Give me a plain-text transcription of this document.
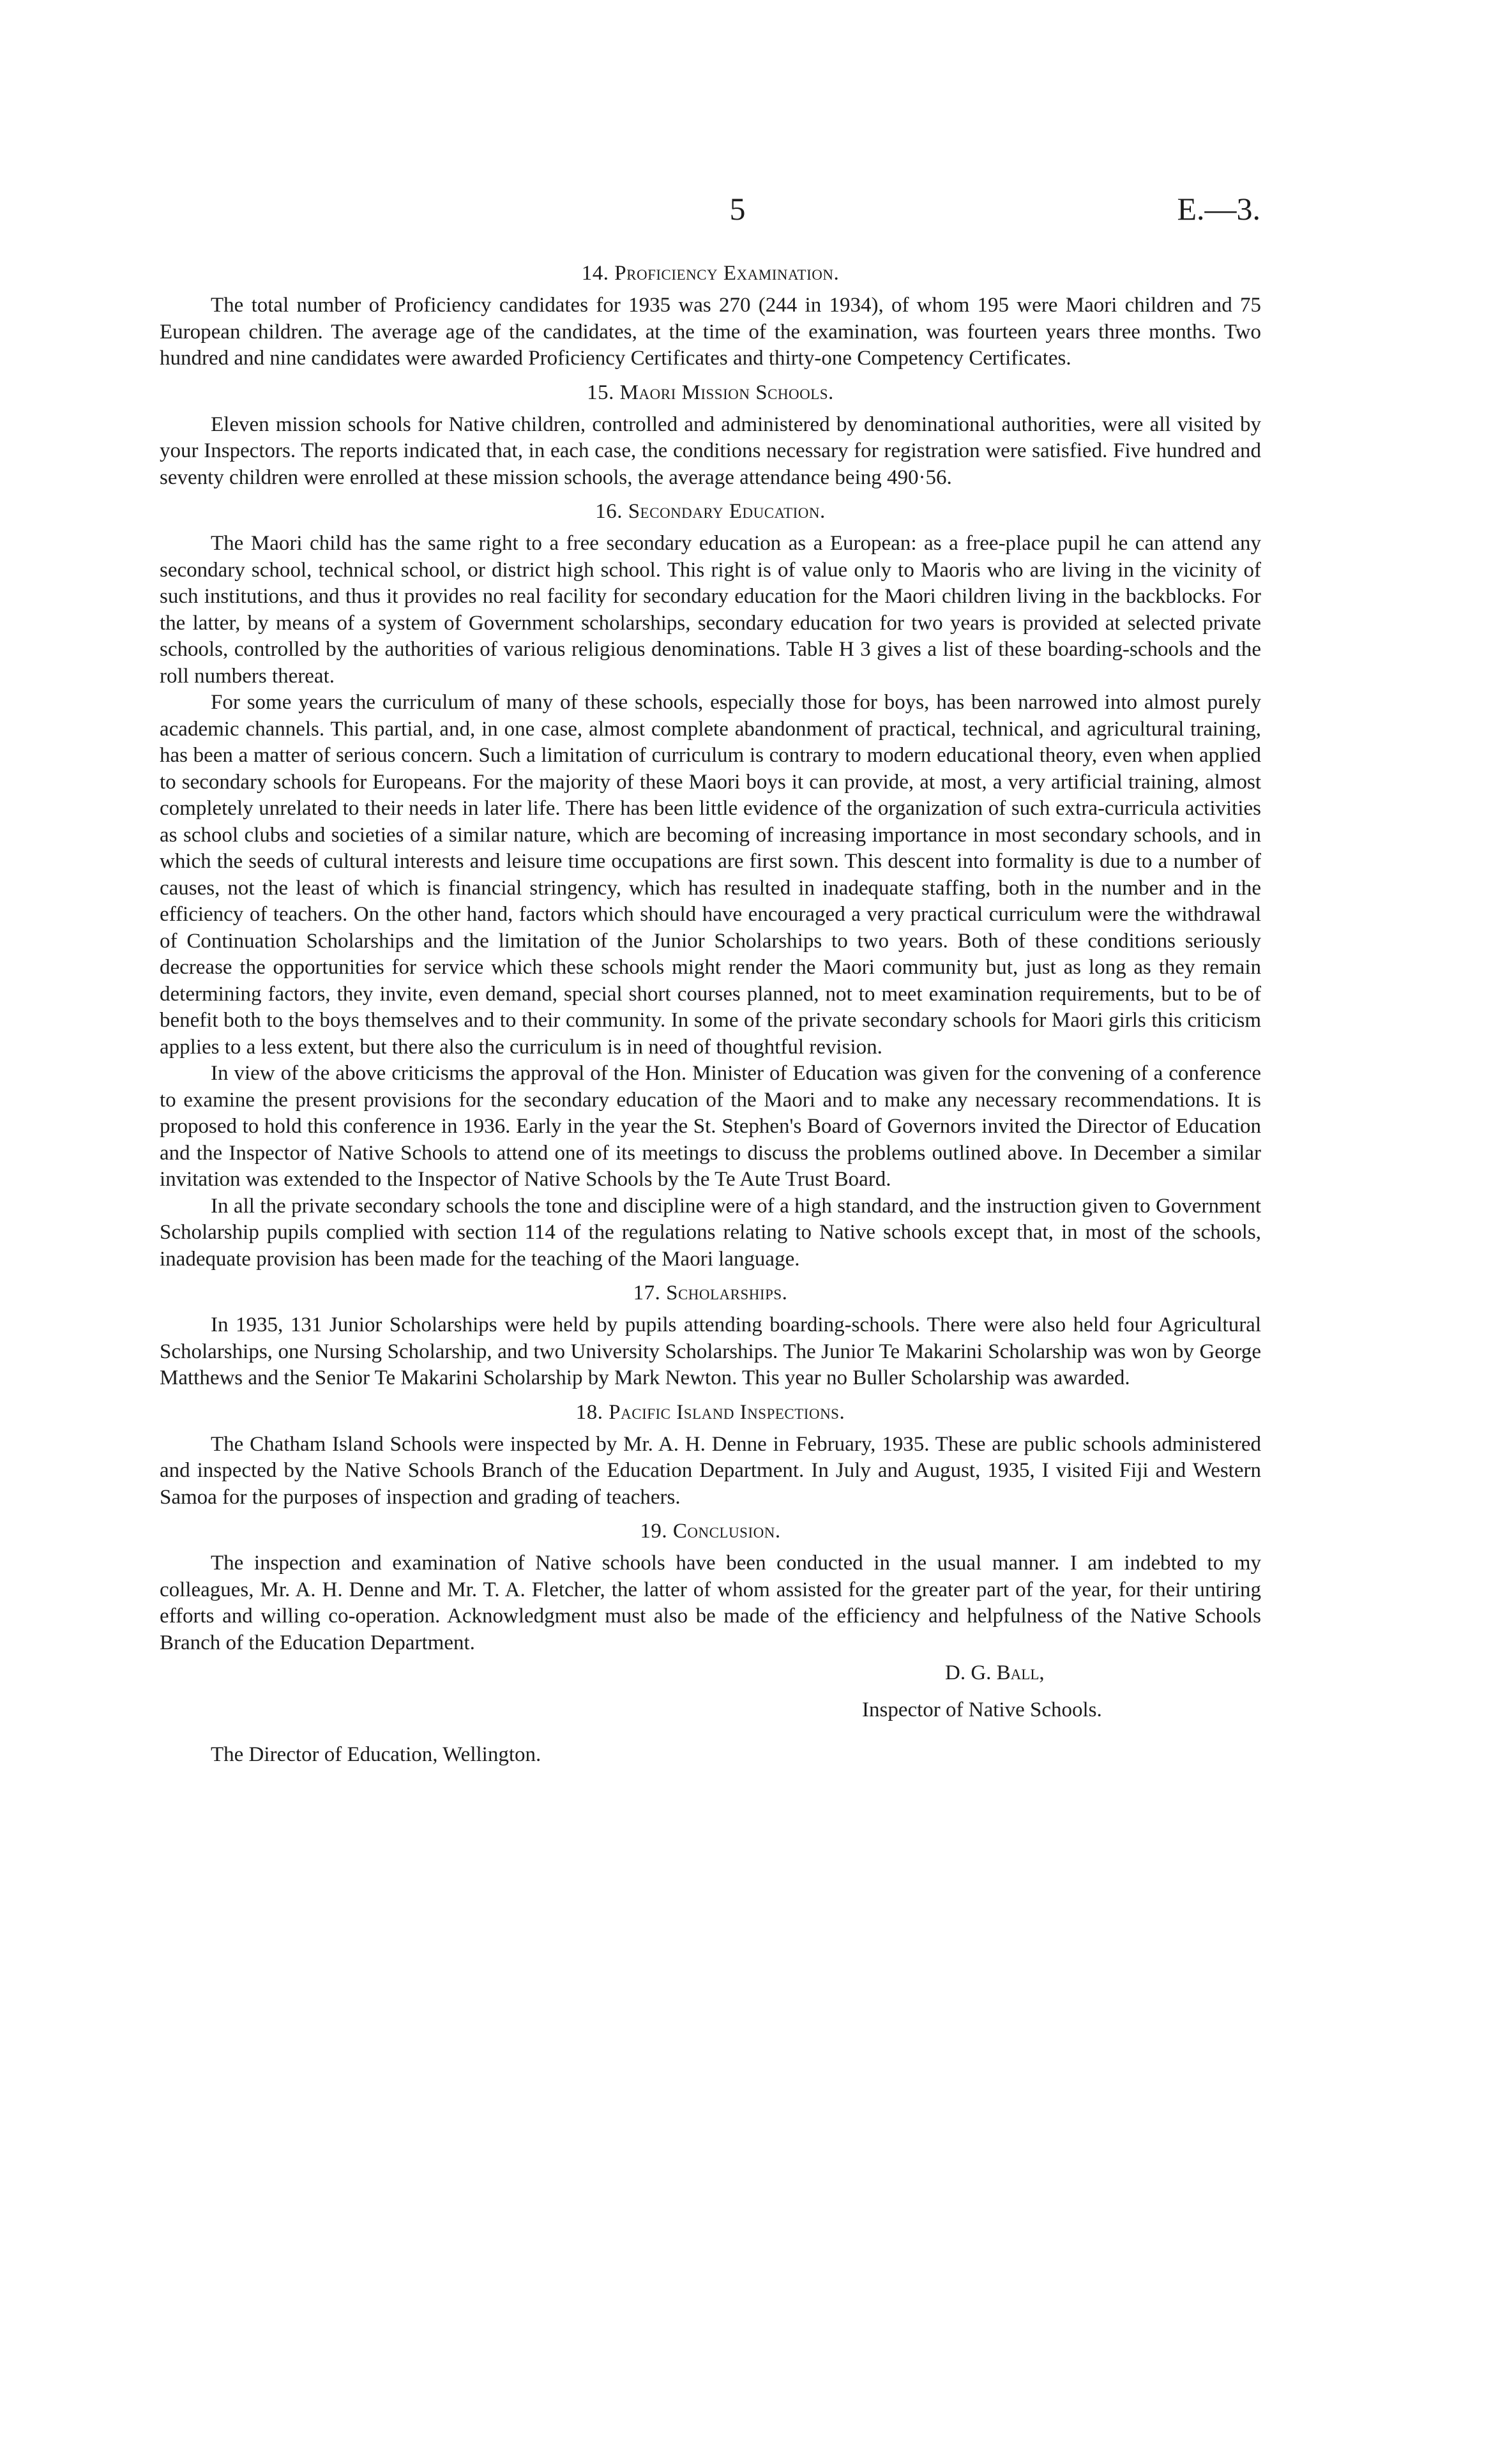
5	E.—3.
14. Proficiency Examination.

The total number of Proficiency candidates for 1935 was 270 (244 in 1934), of whom 195 were Maori children and 75 European children. The average age of the candidates, at the time of the examination, was fourteen years three months. Two hundred and nine candidates were awarded Proficiency Certificates and thirty-one Competency Certificates.

15. Maori Mission Schools.

Eleven mission schools for Native children, controlled and administered by denominational authorities, were all visited by your Inspectors. The reports indicated that, in each case, the conditions necessary for registration were satisfied. Five hundred and seventy children were enrolled at these mission schools, the average attendance being 490·56.

16. Secondary Education.

The Maori child has the same right to a free secondary education as a European: as a free-place pupil he can attend any secondary school, technical school, or district high school. This right is of value only to Maoris who are living in the vicinity of such institutions, and thus it provides no real facility for secondary education for the Maori children living in the backblocks. For the latter, by means of a system of Government scholarships, secondary education for two years is provided at selected private schools, controlled by the authorities of various religious denominations. Table H 3 gives a list of these boarding-schools and the roll numbers thereat.

For some years the curriculum of many of these schools, especially those for boys, has been narrowed into almost purely academic channels. This partial, and, in one case, almost complete abandonment of practical, technical, and agricultural training, has been a matter of serious concern. Such a limitation of curriculum is contrary to modern educational theory, even when applied to secondary schools for Europeans. For the majority of these Maori boys it can provide, at most, a very artificial training, almost completely unrelated to their needs in later life. There has been little evidence of the organization of such extra-curricula activities as school clubs and societies of a similar nature, which are becoming of increasing importance in most secondary schools, and in which the seeds of cultural interests and leisure time occupations are first sown. This descent into formality is due to a number of causes, not the least of which is financial stringency, which has resulted in inadequate staffing, both in the number and in the efficiency of teachers. On the other hand, factors which should have encouraged a very practical curriculum were the withdrawal of Continuation Scholarships and the limitation of the Junior Scholarships to two years. Both of these conditions seriously decrease the opportunities for service which these schools might render the Maori community but, just as long as they remain determining factors, they invite, even demand, special short courses planned, not to meet examination requirements, but to be of benefit both to the boys themselves and to their community. In some of the private secondary schools for Maori girls this criticism applies to a less extent, but there also the curriculum is in need of thoughtful revision.

In view of the above criticisms the approval of the Hon. Minister of Education was given for the convening of a conference to examine the present provisions for the secondary education of the Maori and to make any necessary recommendations. It is proposed to hold this conference in 1936. Early in the year the St. Stephen's Board of Governors invited the Director of Education and the Inspector of Native Schools to attend one of its meetings to discuss the problems outlined above. In December a similar invitation was extended to the Inspector of Native Schools by the Te Aute Trust Board.

In all the private secondary schools the tone and discipline were of a high standard, and the instruction given to Government Scholarship pupils complied with section 114 of the regulations relating to Native schools except that, in most of the schools, inadequate provision has been made for the teaching of the Maori language.

17. Scholarships.

In 1935, 131 Junior Scholarships were held by pupils attending boarding-schools. There were also held four Agricultural Scholarships, one Nursing Scholarship, and two University Scholarships. The Junior Te Makarini Scholarship was won by George Matthews and the Senior Te Makarini Scholarship by Mark Newton. This year no Buller Scholarship was awarded.

18. Pacific Island Inspections.

The Chatham Island Schools were inspected by Mr. A. H. Denne in February, 1935. These are public schools administered and inspected by the Native Schools Branch of the Education Department. In July and August, 1935, I visited Fiji and Western Samoa for the purposes of inspection and grading of teachers.

19. Conclusion.

The inspection and examination of Native schools have been conducted in the usual manner. I am indebted to my colleagues, Mr. A. H. Denne and Mr. T. A. Fletcher, the latter of whom assisted for the greater part of the year, for their untiring efforts and willing co-operation. Acknowledgment must also be made of the efficiency and helpfulness of the Native Schools Branch of the Education Department.

D. G. Ball,
Inspector of Native Schools.
The Director of Education, Wellington.
